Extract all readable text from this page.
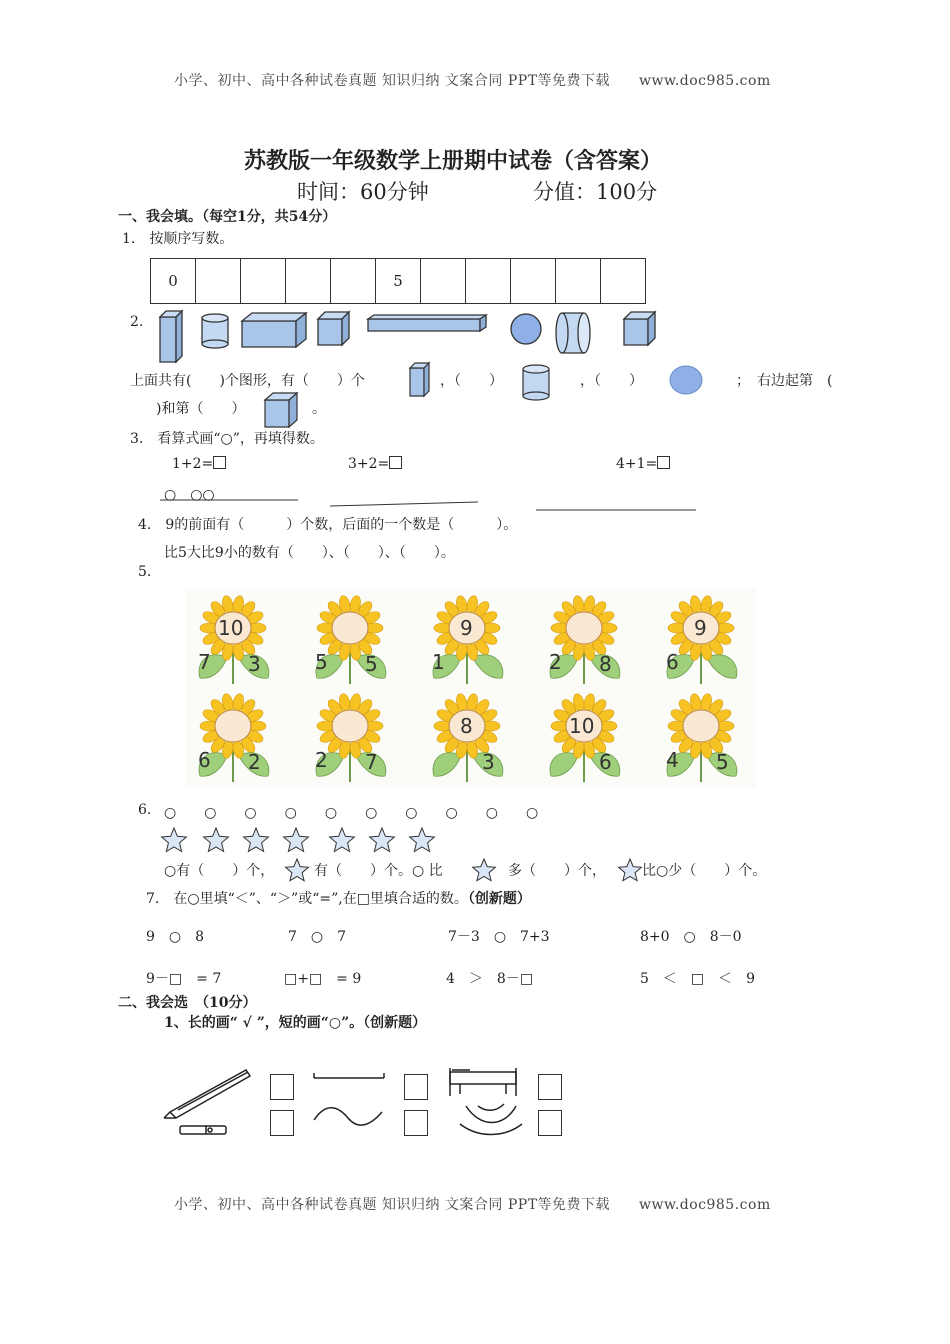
小学、初中、高中各种试卷真题 知识归纳 文案合同 PPT等免费下载　　www.doc985.com
苏教版一年级数学上册期中试卷（含答案）
时间：60分钟	分值：100分
一、我会填。（每空1分，共54分）
1.　按顺序写数。
0					5					
2.
上面共有(　　)个图形，有（　　）个	，（　　）	，（　　）	；　右边起第　(
)和第（　　）	。
3.　看算式画“○”，再填得数。
1+2=	3+2=	4+1=
○　○○
4.　9的前面有（　　　）个数，后面的一个数是（　　　）。
比5大比9小的数有（　　）、（　　）、（　　）。
5.
10
7 3	5 5
9
1	2 8
9
6
6 2	2 7
8
3
10
6	4 5
6. ○　　○　　○　　○　　○　　○　　○　　○　　○　　○
○有（　　）个，	有（　　）个。○ 比	多（　　）个，	比○少（　　）个。
7.　在○里填“＜”、“＞”或“=”,在□里填合适的数。（创新题）
9　○　8	7　○　7	7－3　○　7+3	8+0　○　8－0
9－□　= 7	□+□　= 9	4　＞　8－□	5　＜　□　＜　9
二、我会选　（10分）
1、长的画“ √ ”，短的画“○”。（创新题）
小学、初中、高中各种试卷真题 知识归纳 文案合同 PPT等免费下载　　www.doc985.com
